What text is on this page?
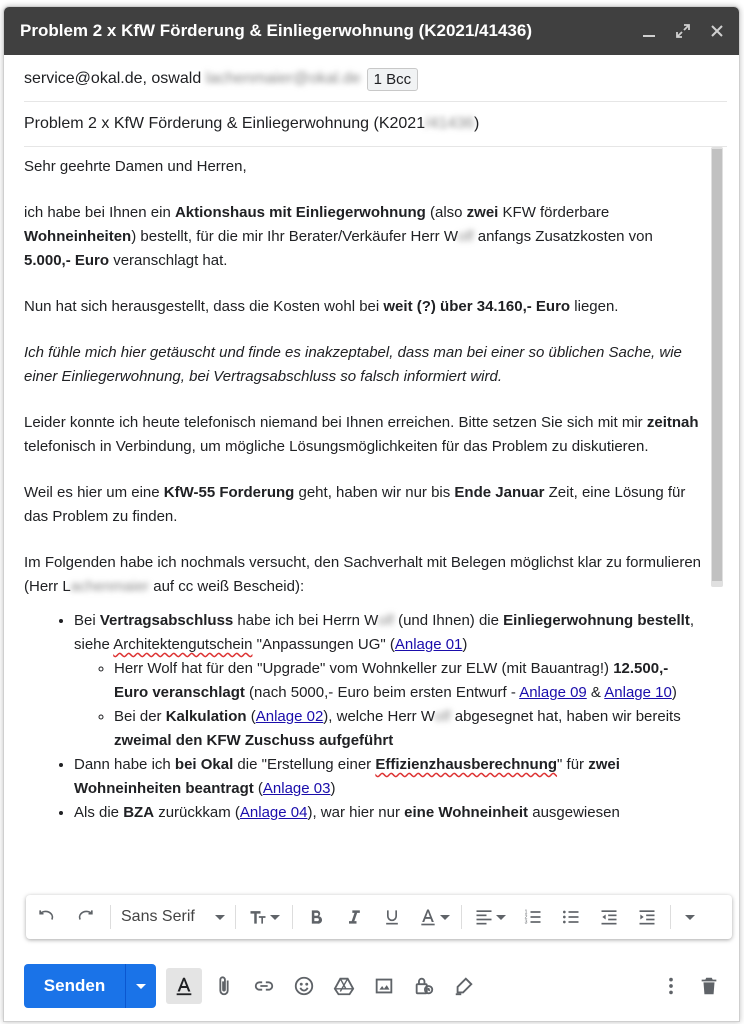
Problem 2 x KfW Förderung & Einliegerwohnung (K2021/41436)
service@okal.de, oswald
lachenmaier@okal.de 1 Bcc
Problem 2 x KfW Förderung & Einliegerwohnung (K2021 /41436 )

Sehr geehrte Damen und Herren,

ich habe bei Ihnen ein Aktionshaus mit Einliegerwohnung (also zwei KFW förderbare Wohneinheiten) bestellt, für die mir Ihr Berater/Verkäufer Herr Wolf anfangs Zusatzkosten von 5.000,- Euro veranschlagt hat.

Nun hat sich herausgestellt, dass die Kosten wohl bei weit (?) über 34.160,- Euro liegen.

Ich fühle mich hier getäuscht und finde es inakzeptabel, dass man bei einer so üblichen Sache, wie einer Einliegerwohnung, bei Vertragsabschluss so falsch informiert wird.

Leider konnte ich heute telefonisch niemand bei Ihnen erreichen. Bitte setzen Sie sich mit mir zeitnah telefonisch in Verbindung, um mögliche Lösungsmöglichkeiten für das Problem zu diskutieren.

Weil es hier um eine KfW-55 Forderung geht, haben wir nur bis Ende Januar Zeit, eine Lösung für das Problem zu finden.

Im Folgenden habe ich nochmals versucht, den Sachverhalt mit Belegen möglichst klar zu formulieren (Herr Lachenmaier auf cc weiß Bescheid):

• Bei Vertragsabschluss habe ich bei Herrn Wolf (und Ihnen) die Einliegerwohnung bestellt, siehe Architektengutschein "Anpassungen UG" (Anlage 01)
◦ Herr Wolf hat für den "Upgrade" vom Wohnkeller zur ELW (mit Bauantrag!) 12.500,- Euro veranschlagt (nach 5000,- Euro beim ersten Entwurf - Anlage 09 & Anlage 10)
◦ Bei der Kalkulation (Anlage 02), welche Herr Wolf abgesegnet hat, haben wir bereits zweimal den KFW Zuschuss aufgeführt
• Dann habe ich bei Okal die "Erstellung einer Effizienzhausberechnung" für zwei Wohneinheiten beantragt (Anlage 03)
• Als die BZA zurückkam (Anlage 04), war hier nur eine Wohneinheit ausgewiesen
Sans Serif	1
2
3
Senden
